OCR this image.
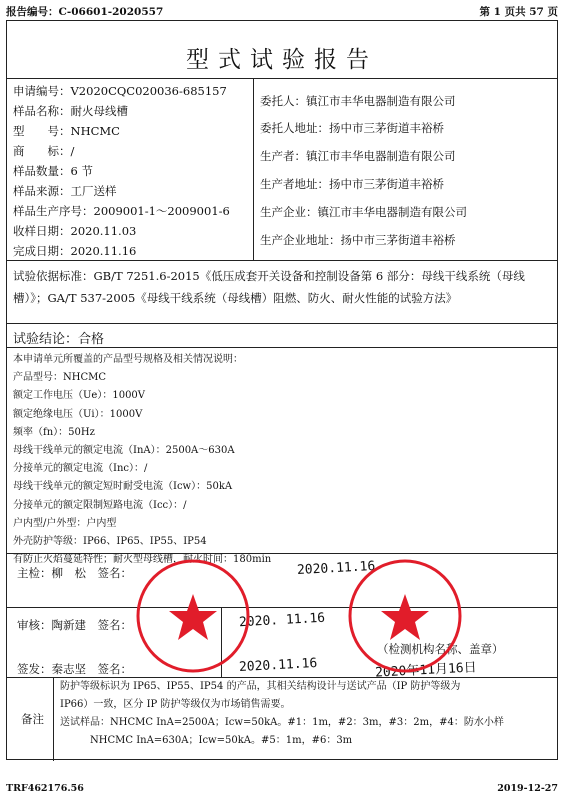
报告编号：C-06601-2020557	第 1 页共 57 页
型式试验报告
申请编号：V2020CQC020036-685157
样品名称：耐火母线槽
型　　号：NHCMC
商　　标：/
样品数量：6 节
样品来源：工厂送样
样品生产序号：2009001-1～2009001-6
收样日期：2020.11.03
完成日期：2020.11.16
委托人：镇江市丰华电器制造有限公司
委托人地址：扬中市三茅街道丰裕桥
生产者：镇江市丰华电器制造有限公司
生产者地址：扬中市三茅街道丰裕桥
生产企业：镇江市丰华电器制造有限公司
生产企业地址：扬中市三茅街道丰裕桥
试验依据标准：GB/T 7251.6-2015《低压成套开关设备和控制设备第 6 部分：母线干线系统（母线槽）》；GA/T 537-2005《母线干线系统（母线槽）阻燃、防火、耐火性能的试验方法》
试验结论：合格
本申请单元所覆盖的产品型号规格及相关情况说明：
产品型号：NHCMC
额定工作电压（Ue）：1000V
额定绝缘电压（Ui）：1000V
频率（fn）：50Hz
母线干线单元的额定电流（InA）：2500A～630A
分接单元的额定电流（Inc）：/
母线干线单元的额定短时耐受电流（Icw）：50kA
分接单元的额定限制短路电流（Icc）：/
户内型/户外型：户内型
外壳防护等级：IP66、IP65、IP55、IP54
有防止火焰蔓延特性；耐火型母线槽，耐火时间：180min
主检：柳　松　 签名：	2020.11.16
审核：陶新建　 签名：	2020. 11.16
签发：秦志坚　 签名：	2020.11.16
（检测机构名称、盖章）
2020年11月16日
备注
防护等级标识为 IP65、IP55、IP54 的产品，其相关结构设计与送试产品（IP 防护等级为
IP66）一致，区分 IP 防护等级仅为市场销售需要。
送试样品：NHCMC InA=2500A；Icw=50kA。#1：1m，#2：3m，#3：2m，#4：防水小样
NHCMC InA=630A；Icw=50kA。#5：1m，#6：3m
TRF462176.56	2019-12-27
